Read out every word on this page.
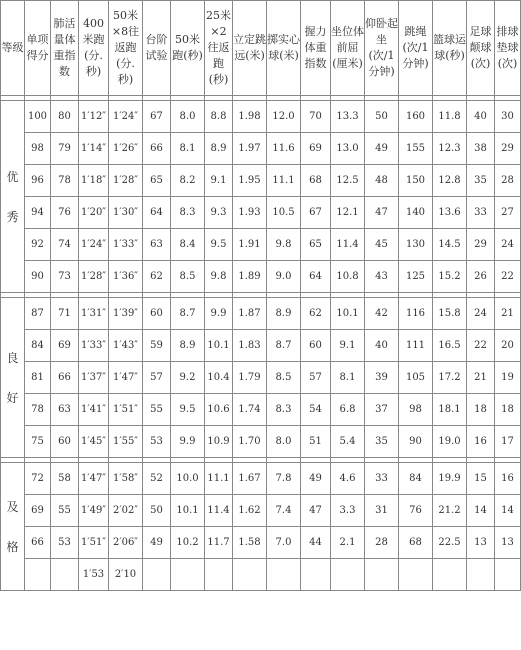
等级	单项得分	肺活量体重指数	400米跑(分.秒)	50米×8往返跑(分.秒)	台阶试验	50米跑(秒)	25米×2往返跑(秒)	立定跳远(米)	掷实心球(米)	握力体重指数	坐位体前屈(厘米)	仰卧起坐(次/1分钟)	跳绳(次/1分钟)	篮球运球(秒)	足球颠球(次)	排球垫球(次)

优
秀	100	80	1′12″	1′24″	67	8.0	8.8	1.98	12.0	70	13.3	50	160	11.8	40	30
	98	79	1′14″	1′26″	66	8.1	8.9	1.97	11.6	69	13.0	49	155	12.3	38	29
	96	78	1′18″	1′28″	65	8.2	9.1	1.95	11.1	68	12.5	48	150	12.8	35	28
	94	76	1′20″	1′30″	64	8.3	9.3	1.93	10.5	67	12.1	47	140	13.6	33	27
	92	74	1′24″	1′33″	63	8.4	9.5	1.91	9.8	65	11.4	45	130	14.5	29	24
	90	73	1′28″	1′36″	62	8.5	9.8	1.89	9.0	64	10.8	43	125	15.2	26	22

良
好	87	71	1′31″	1′39″	60	8.7	9.9	1.87	8.9	62	10.1	42	116	15.8	24	21
	84	69	1′33″	1′43″	59	8.9	10.1	1.83	8.7	60	9.1	40	111	16.5	22	20
	81	66	1′37″	1′47″	57	9.2	10.4	1.79	8.5	57	8.1	39	105	17.2	21	19
	78	63	1′41″	1′51″	55	9.5	10.6	1.74	8.3	54	6.8	37	98	18.1	18	18
	75	60	1′45″	1′55″	53	9.9	10.9	1.70	8.0	51	5.4	35	90	19.0	16	17

及
格	72	58	1′47″	1′58″	52	10.0	11.1	1.67	7.8	49	4.6	33	84	19.9	15	16
	69	55	1′49″	2′02″	50	10.1	11.4	1.62	7.4	47	3.3	31	76	21.2	14	14
	66	53	1′51″	2′06″	49	10.2	11.7	1.58	7.0	44	2.1	28	68	22.5	13	13
			1′53	2′10												
